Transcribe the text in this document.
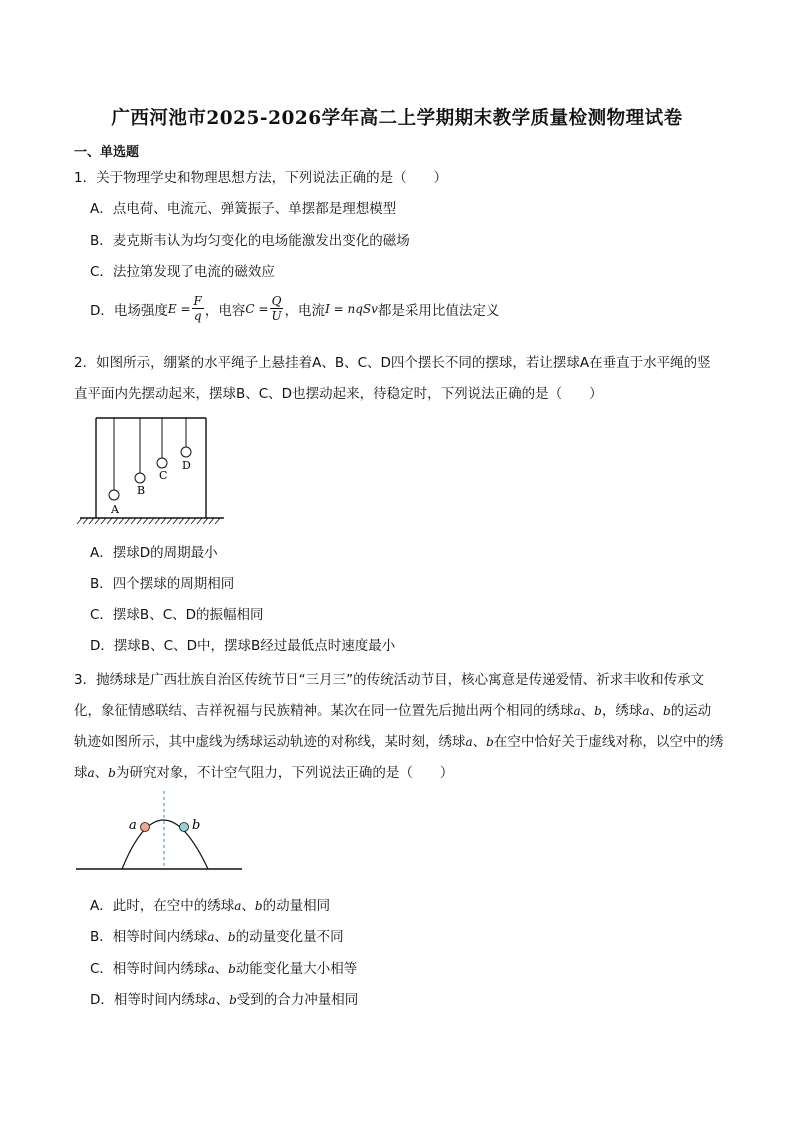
广西河池市2025-2026学年高二上学期期末教学质量检测物理试卷
一、单选题
1．关于物理学史和物理思想方法，下列说法正确的是（　　）
A．点电荷、电流元、弹簧振子、单摆都是理想模型
B．麦克斯韦认为均匀变化的电场能激发出变化的磁场
C．法拉第发现了电流的磁效应
D．电场强度 $E = \frac{F}{q}$ ，电容 $C = \frac{Q}{U}$ ，电流 I = nqSv 都是采用比值法定义
2．如图所示，绷紧的水平绳子上悬挂着A、B、C、D四个摆长不同的摆球，若让摆球A在垂直于水平绳的竖直平面内先摆动起来，摆球B、C、D也摆动起来，待稳定时，下列说法正确的是（　　）
A
B
C
D
A．摆球D的周期最小
B．四个摆球的周期相同
C．摆球B、C、D的振幅相同
D．摆球B、C、D中，摆球B经过最低点时速度最小
3．抛绣球是广西壮族自治区传统节日“三月三”的传统活动节目，核心寓意是传递爱情、祈求丰收和传承文化，象征情感联结、吉祥祝福与民族精神。某次在同一位置先后抛出两个相同的绣球a、b，绣球a、b的运动轨迹如图所示，其中虚线为绣球运动轨迹的对称线，某时刻，绣球a、b在空中恰好关于虚线对称，以空中的绣球a、b为研究对象，不计空气阻力，下列说法正确的是（　　）
a	b
A．此时，在空中的绣球a、b的动量相同
B．相等时间内绣球a、b的动量变化量不同
C．相等时间内绣球a、b动能变化量大小相等
D．相等时间内绣球a、b受到的合力冲量相同
